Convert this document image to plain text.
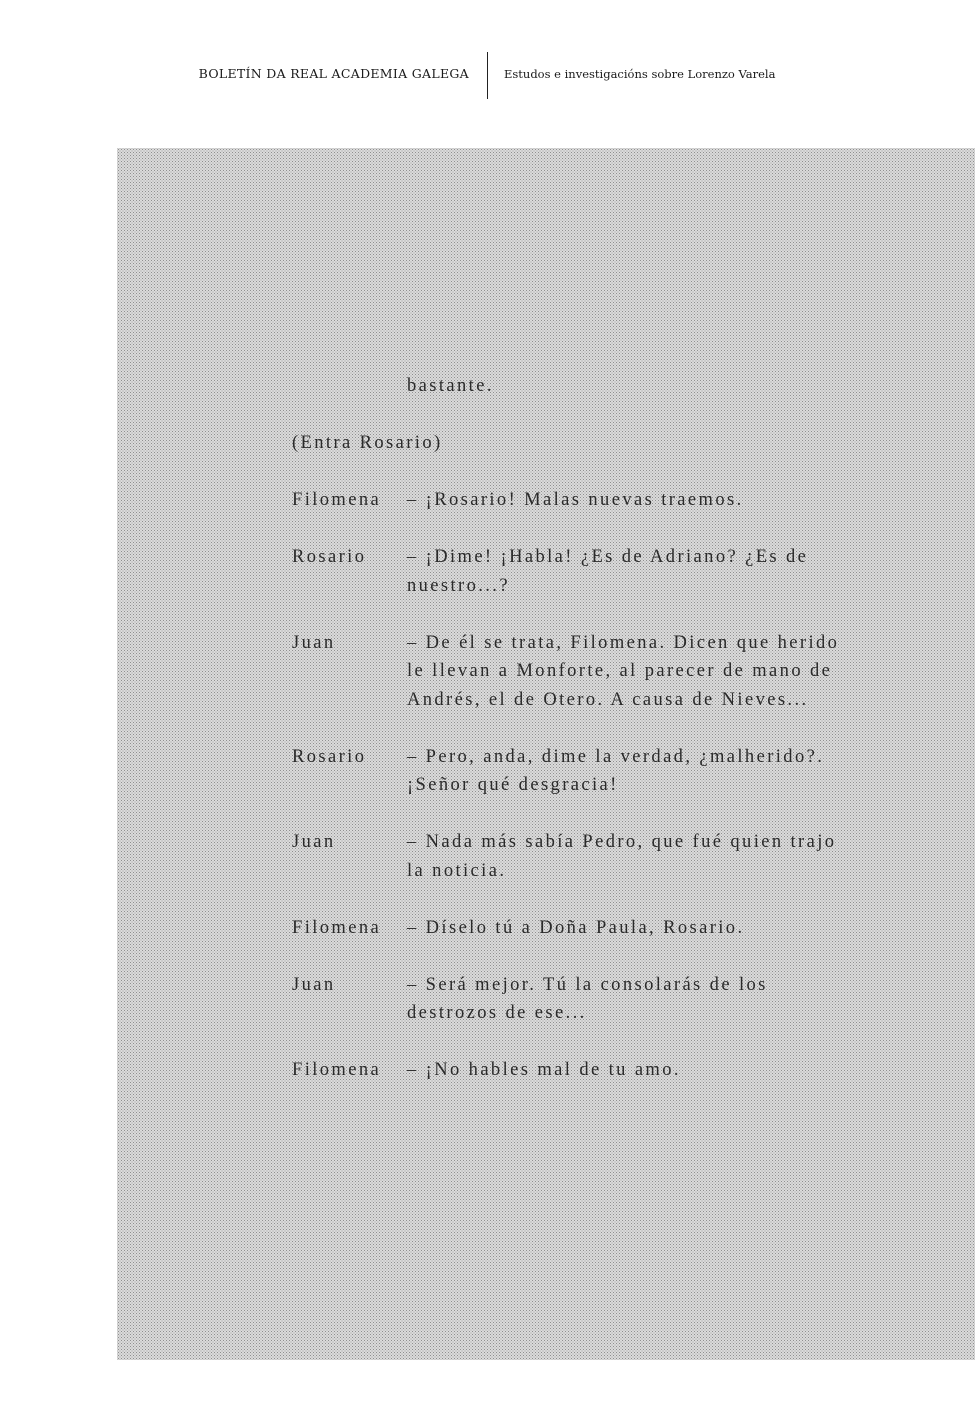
BOLETÍN DA REAL ACADEMIA GALEGA	Estudos e investigacións sobre Lorenzo Varela
bastante.
(Entra Rosario)
Filomena	– ¡Rosario! Malas nuevas traemos.
Rosario	– ¡Dime! ¡Habla! ¿Es de Adriano? ¿Es de nuestro...?
Juan	– De él se trata, Filomena. Dicen que herido le llevan a Monforte, al parecer de mano de Andrés, el de Otero. A causa de Nieves...
Rosario	– Pero, anda, dime la verdad, ¿malherido?. ¡Señor qué desgracia!
Juan	– Nada más sabía Pedro, que fué quien trajo la noticia.
Filomena	– Díselo tú a Doña Paula, Rosario.
Juan	– Será mejor. Tú la consolarás de los destrozos de ese...
Filomena	– ¡No hables mal de tu amo.
